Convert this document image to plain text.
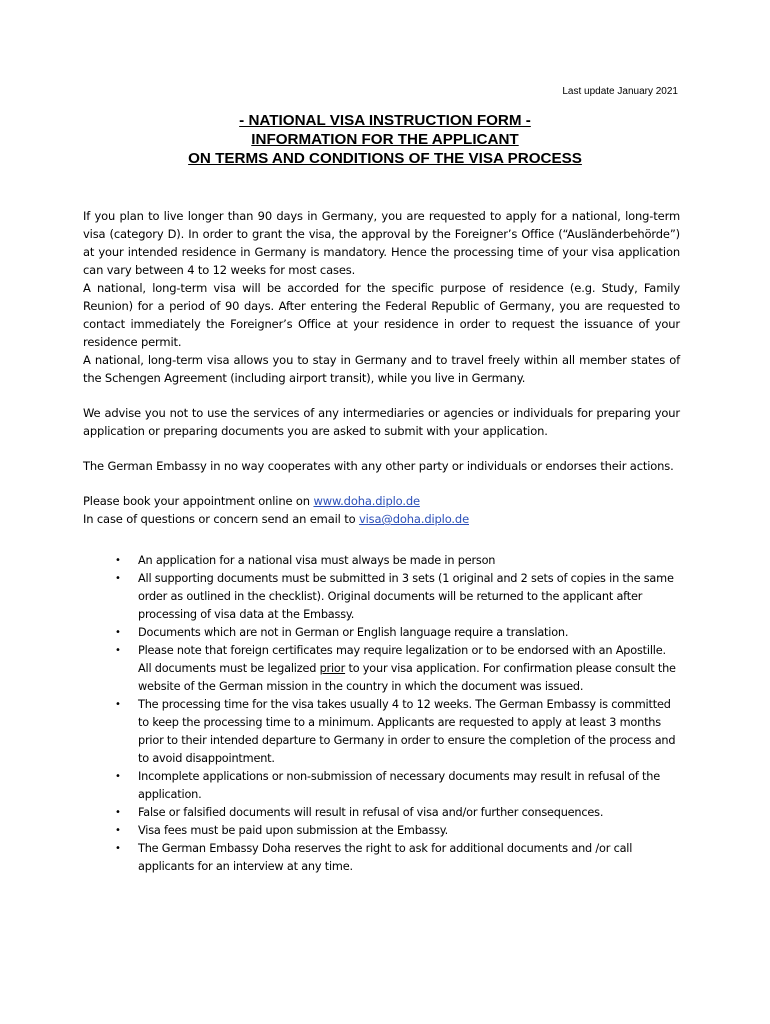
Last update January 2021
- NATIONAL VISA INSTRUCTION FORM -
INFORMATION FOR THE APPLICANT
ON TERMS AND CONDITIONS OF THE VISA PROCESS

If you plan to live longer than 90 days in Germany, you are requested to apply for a national, long-term visa (category D). In order to grant the visa, the approval by the Foreigner’s Office (“Ausländerbehörde”) at your intended residence in Germany is mandatory. Hence the processing time of your visa application can vary between 4 to 12 weeks for most cases.

A national, long-term visa will be accorded for the specific purpose of residence (e.g. Study, Family Reunion) for a period of 90 days. After entering the Federal Republic of Germany, you are requested to contact immediately the Foreigner’s Office at your residence in order to request the issuance of your residence permit.

A national, long-term visa allows you to stay in Germany and to travel freely within all member states of the Schengen Agreement (including airport transit), while you live in Germany.

We advise you not to use the services of any intermediaries or agencies or individuals for preparing your application or preparing documents you are asked to submit with your application.

The German Embassy in no way cooperates with any other party or individuals or endorses their actions.

Please book your appointment online on www.doha.diplo.de

In case of questions or concern send an email to visa@doha.diplo.de

• An application for a national visa must always be made in person
• All supporting documents must be submitted in 3 sets (1 original and 2 sets of copies in the same order as outlined in the checklist). Original documents will be returned to the applicant after processing of visa data at the Embassy.
• Documents which are not in German or English language require a translation.
• Please note that foreign certificates may require legalization or to be endorsed with an Apostille. All documents must be legalized prior to your visa application. For confirmation please consult the website of the German mission in the country in which the document was issued.
• The processing time for the visa takes usually 4 to 12 weeks. The German Embassy is committed to keep the processing time to a minimum. Applicants are requested to apply at least 3 months prior to their intended departure to Germany in order to ensure the completion of the process and to avoid disappointment.
• Incomplete applications or non-submission of necessary documents may result in refusal of the application.
• False or falsified documents will result in refusal of visa and/or further consequences.
• Visa fees must be paid upon submission at the Embassy.
• The German Embassy Doha reserves the right to ask for additional documents and /or call applicants for an interview at any time.
